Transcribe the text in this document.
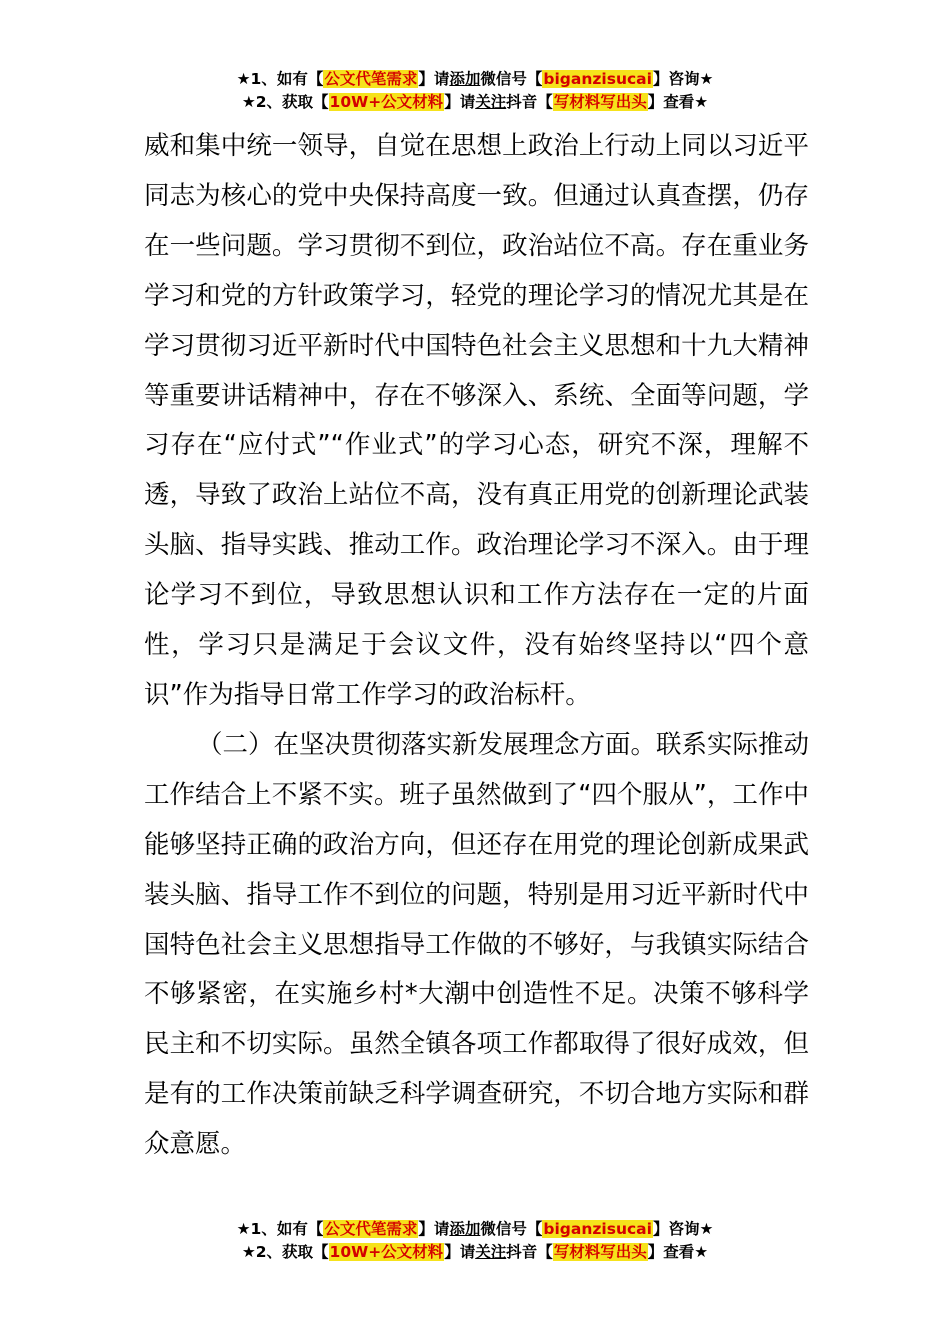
★1、如有【公文代笔需求】请添加微信号【biganzisucai】咨询★
★2、获取【10W+公文材料】请关注抖音【写材料写出头】查看★

威和集中统一领导，自觉在思想上政治上行动上同以习近平同志为核心的党中央保持高度一致。但通过认真查摆，仍存在一些问题。学习贯彻不到位，政治站位不高。存在重业务学习和党的方针政策学习，轻党的理论学习的情况尤其是在学习贯彻习近平新时代中国特色社会主义思想和十九大精神等重要讲话精神中，存在不够深入、系统、全面等问题，学习存在“应付式”“作业式”的学习心态，研究不深，理解不透，导致了政治上站位不高，没有真正用党的创新理论武装头脑、指导实践、推动工作。政治理论学习不深入。由于理论学习不到位，导致思想认识和工作方法存在一定的片面性，学习只是满足于会议文件，没有始终坚持以“四个意识”作为指导日常工作学习的政治标杆。

（二）在坚决贯彻落实新发展理念方面。联系实际推动工作结合上不紧不实。班子虽然做到了“四个服从”，工作中能够坚持正确的政治方向，但还存在用党的理论创新成果武装头脑、指导工作不到位的问题，特别是用习近平新时代中国特色社会主义思想指导工作做的不够好，与我镇实际结合不够紧密，在实施乡村*大潮中创造性不足。决策不够科学民主和不切实际。虽然全镇各项工作都取得了很好成效，但是有的工作决策前缺乏科学调查研究，不切合地方实际和群众意愿。

★1、如有【公文代笔需求】请添加微信号【biganzisucai】咨询★
★2、获取【10W+公文材料】请关注抖音【写材料写出头】查看★
